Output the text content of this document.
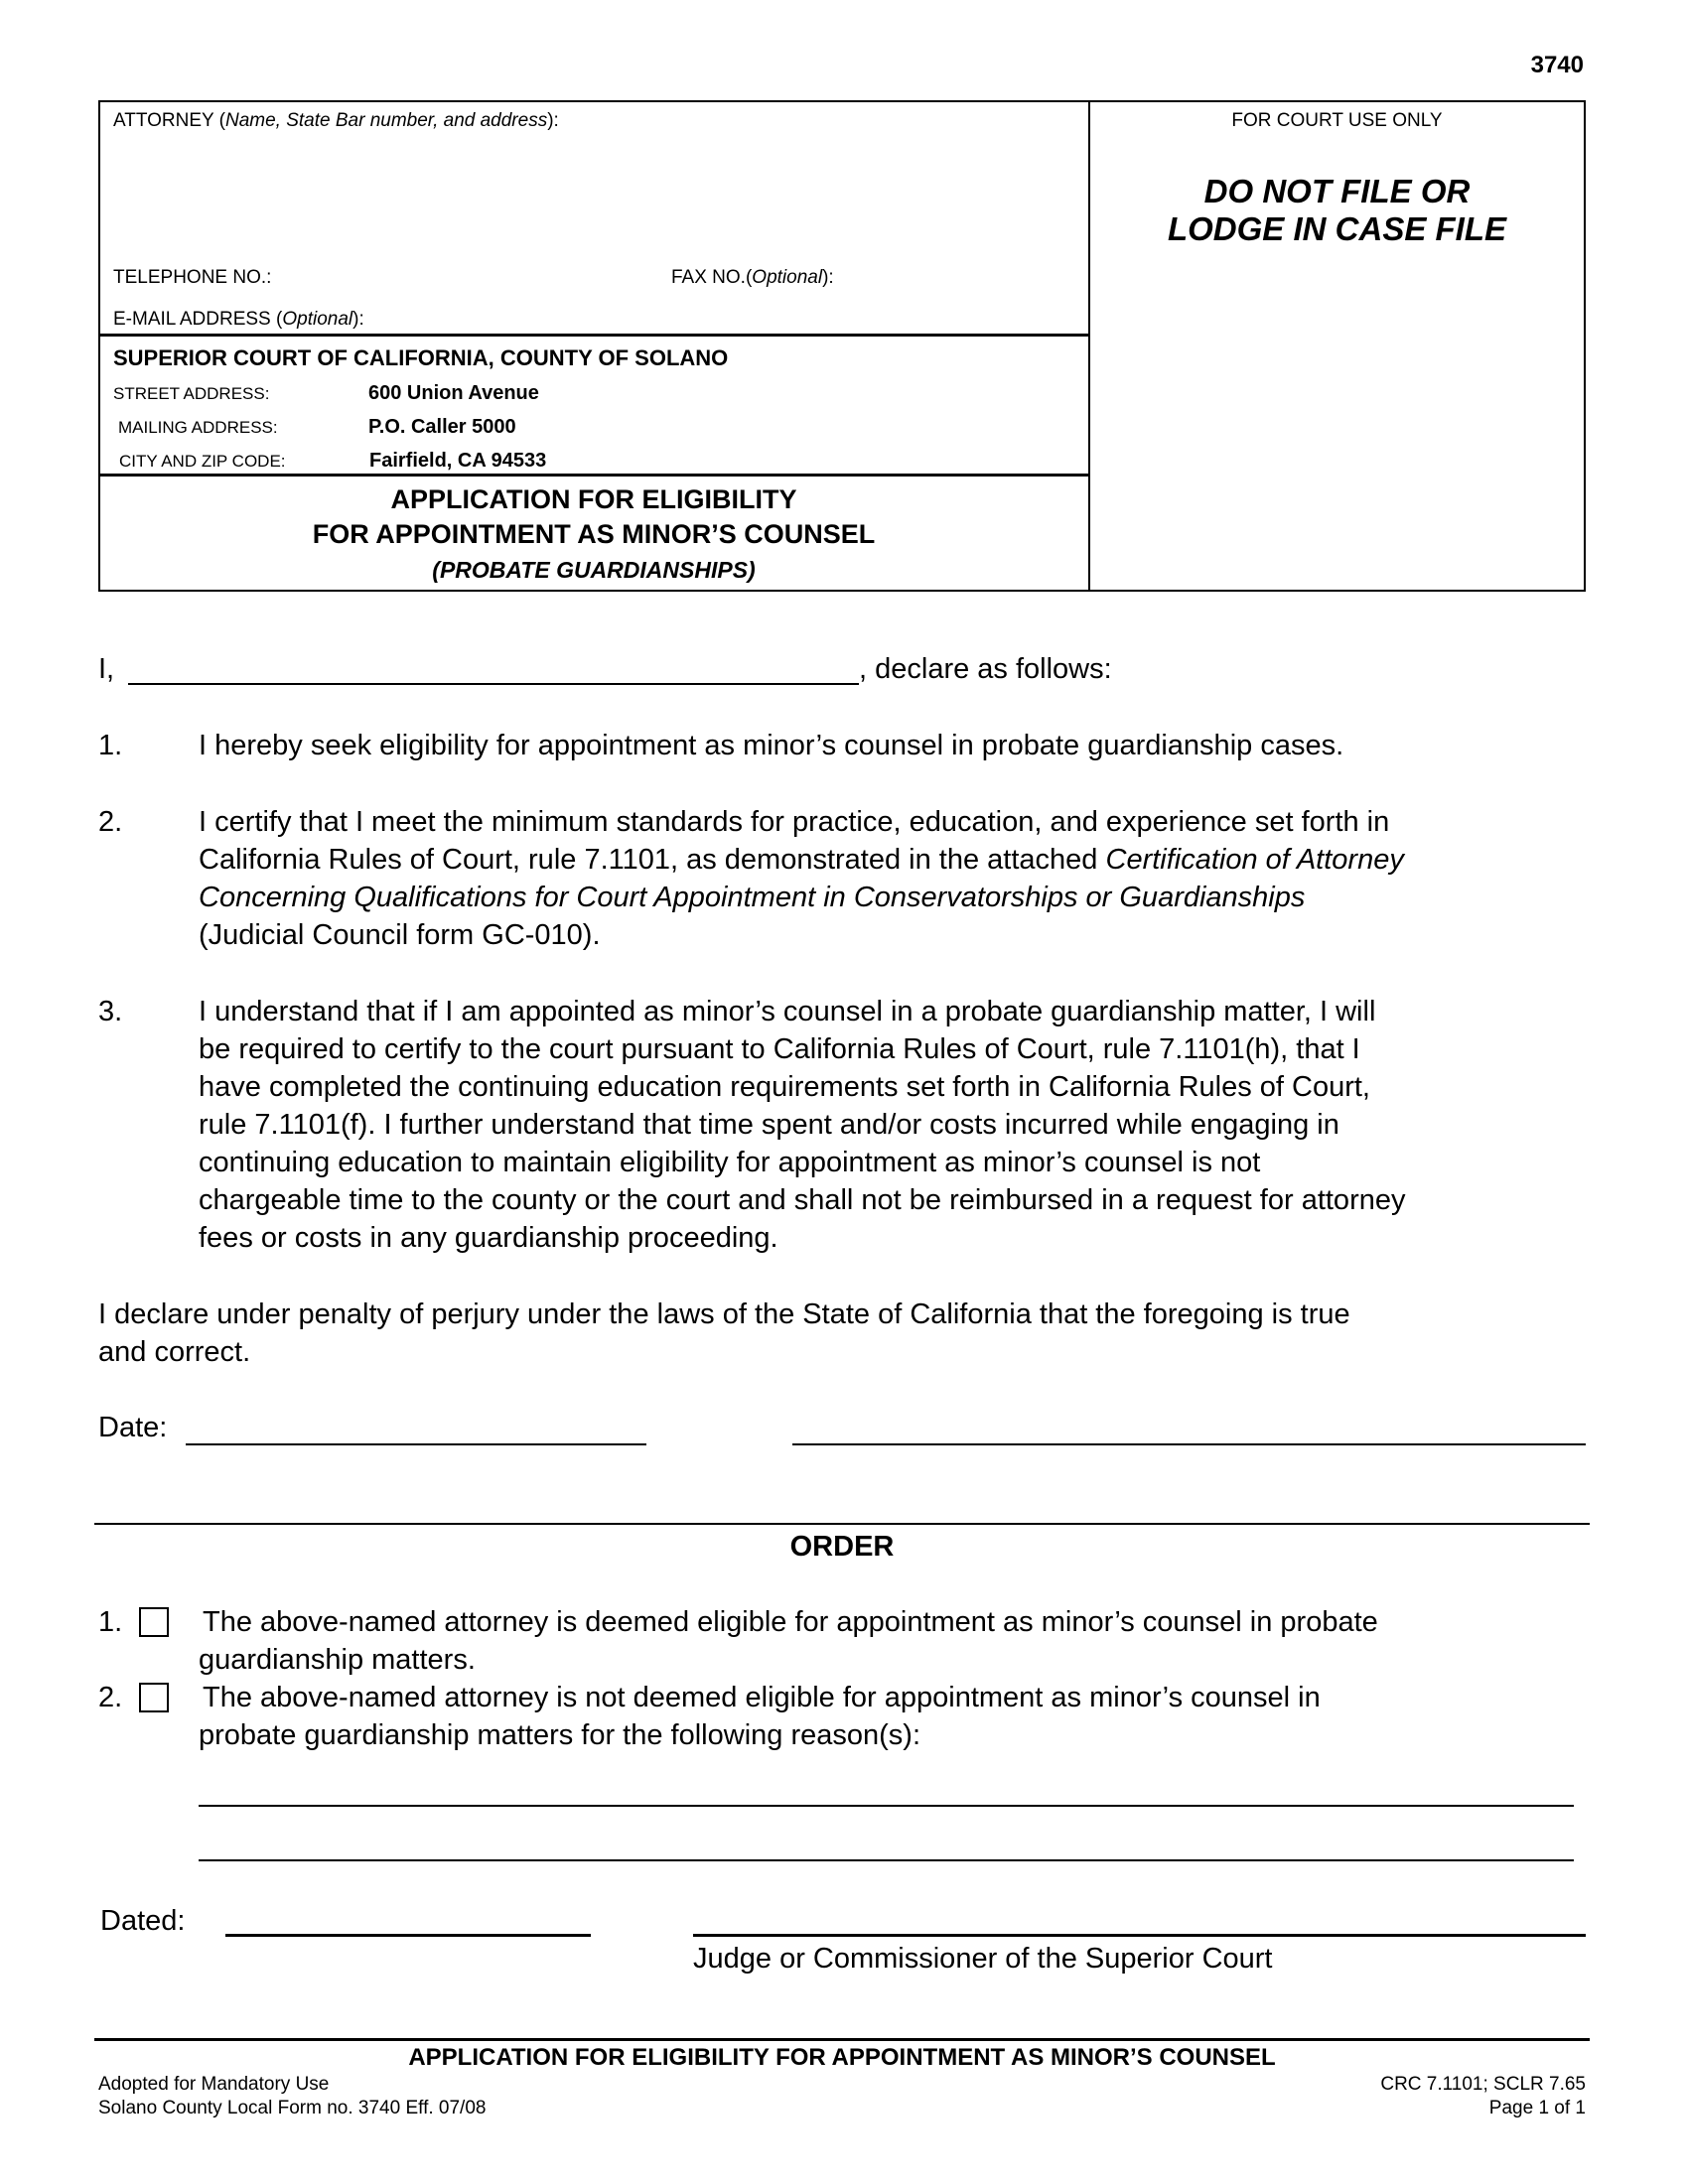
3740
ATTORNEY (Name, State Bar number, and address):
TELEPHONE NO.:	FAX NO.(Optional):
E-MAIL ADDRESS (Optional):
SUPERIOR COURT OF CALIFORNIA, COUNTY OF SOLANO
STREET ADDRESS:	600 Union Avenue
MAILING ADDRESS:	P.O. Caller 5000
CITY AND ZIP CODE:	Fairfield, CA 94533
APPLICATION FOR ELIGIBILITY
FOR APPOINTMENT AS MINOR’S COUNSEL
(PROBATE GUARDIANSHIPS)
FOR COURT USE ONLY
DO NOT FILE OR
LODGE IN CASE FILE
I,	, declare as follows:
1.	I hereby seek eligibility for appointment as minor’s counsel in probate guardianship cases.
2.	I certify that I meet the minimum standards for practice, education, and experience set forth in
California Rules of Court, rule 7.1101, as demonstrated in the attached Certification of Attorney
Concerning Qualifications for Court Appointment in Conservatorships or Guardianships
(Judicial Council form GC-010).
3.	I understand that if I am appointed as minor’s counsel in a probate guardianship matter, I will
be required to certify to the court pursuant to California Rules of Court, rule 7.1101(h), that I
have completed the continuing education requirements set forth in California Rules of Court,
rule 7.1101(f). I further understand that time spent and/or costs incurred while engaging in
continuing education to maintain eligibility for appointment as minor’s counsel is not
chargeable time to the county or the court and shall not be reimbursed in a request for attorney
fees or costs in any guardianship proceeding.
I declare under penalty of perjury under the laws of the State of California that the foregoing is true
and correct.
Date:
ORDER
1.	The above-named attorney is deemed eligible for appointment as minor’s counsel in probate
guardianship matters.
2.	The above-named attorney is not deemed eligible for appointment as minor’s counsel in
probate guardianship matters for the following reason(s):
Dated:
Judge or Commissioner of the Superior Court
APPLICATION FOR ELIGIBILITY FOR APPOINTMENT AS MINOR’S COUNSEL
Adopted for Mandatory Use
Solano County Local Form no. 3740 Eff. 07/08
CRC 7.1101; SCLR 7.65
Page 1 of 1
